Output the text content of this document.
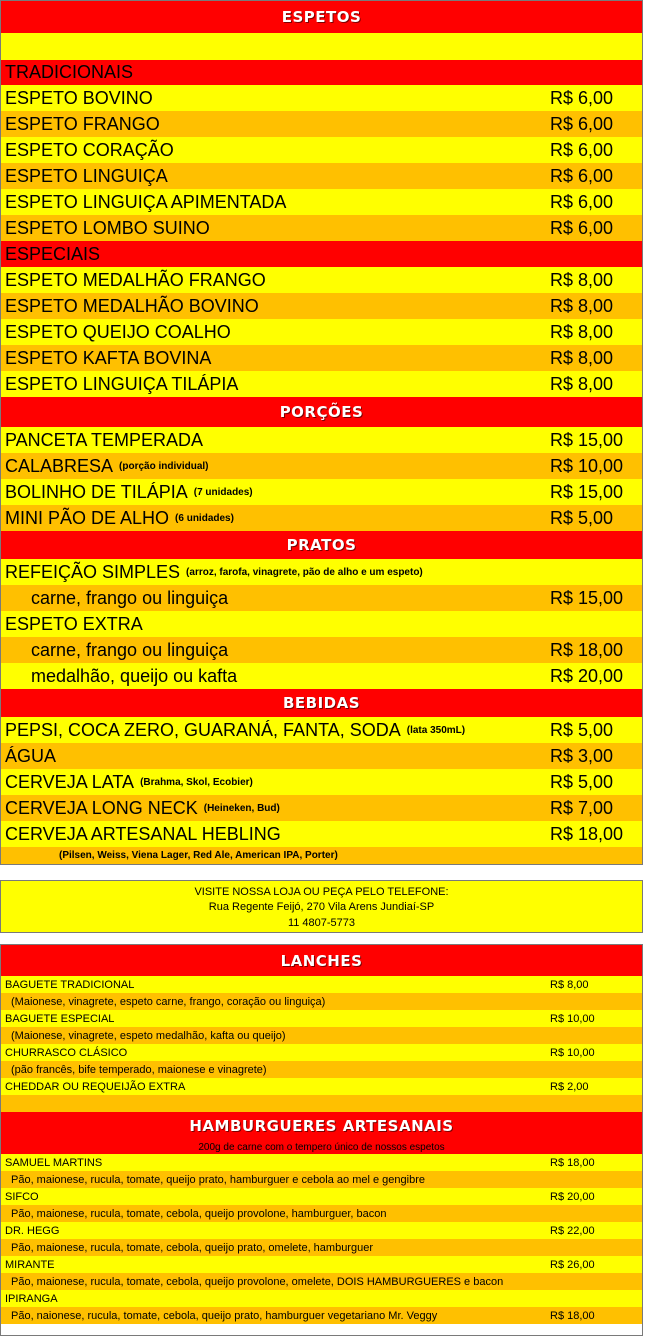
ESPETOS
TRADICIONAIS
ESPETO BOVINO	R$ 6,00
ESPETO FRANGO	R$ 6,00
ESPETO CORAÇÃO	R$ 6,00
ESPETO LINGUIÇA	R$ 6,00
ESPETO LINGUIÇA APIMENTADA	R$ 6,00
ESPETO LOMBO SUINO	R$ 6,00
ESPECIAIS
ESPETO MEDALHÃO FRANGO	R$ 8,00
ESPETO MEDALHÃO BOVINO	R$ 8,00
ESPETO QUEIJO COALHO	R$ 8,00
ESPETO KAFTA BOVINA	R$ 8,00
ESPETO LINGUIÇA TILÁPIA	R$ 8,00
PORÇÕES
PANCETA TEMPERADA	R$ 15,00
CALABRESA (porção individual)	R$ 10,00
BOLINHO DE TILÁPIA (7 unidades)	R$ 15,00
MINI PÃO DE ALHO (6 unidades)	R$ 5,00
PRATOS
REFEIÇÃO SIMPLES (arroz, farofa, vinagrete, pão de alho e um espeto)
carne, frango ou linguiça	R$ 15,00
ESPETO EXTRA
carne, frango ou linguiça	R$ 18,00
medalhão, queijo ou kafta	R$ 20,00
BEBIDAS
PEPSI, COCA ZERO, GUARANÁ, FANTA, SODA (lata 350mL)	R$ 5,00
ÁGUA	R$ 3,00
CERVEJA LATA (Brahma, Skol, Ecobier)	R$ 5,00
CERVEJA LONG NECK (Heineken, Bud)	R$ 7,00
CERVEJA ARTESANAL HEBLING	R$ 18,00
(Pilsen, Weiss, Viena Lager, Red Ale, American IPA, Porter)
VISITE NOSSA LOJA OU PEÇA PELO TELEFONE:
Rua Regente Feijó, 270 Vila Arens Jundiaí-SP
11 4807-5773
LANCHES
BAGUETE TRADICIONAL	R$ 8,00
(Maionese, vinagrete, espeto carne, frango, coração ou linguiça)
BAGUETE ESPECIAL	R$ 10,00
(Maionese, vinagrete, espeto medalhão, kafta ou queijo)
CHURRASCO CLÁSICO	R$ 10,00
(pão francês, bife temperado, maionese e vinagrete)
CHEDDAR OU REQUEIJÃO EXTRA	R$ 2,00
HAMBURGUERES ARTESANAIS
200g de carne com o tempero único de nossos espetos
SAMUEL MARTINS	R$ 18,00
Pão, maionese, rucula, tomate, queijo prato, hamburguer e cebola ao mel e gengibre
SIFCO	R$ 20,00
Pão, maionese, rucula, tomate, cebola, queijo provolone, hamburguer, bacon
DR. HEGG	R$ 22,00
Pão, maionese, rucula, tomate, cebola, queijo prato, omelete, hamburguer
MIRANTE	R$ 26,00
Pão, maionese, rucula, tomate, cebola, queijo provolone, omelete, DOIS HAMBURGUERES e bacon
IPIRANGA
Pão, naionese, rucula, tomate, cebola, queijo prato, hamburguer vegetariano Mr. Veggy	R$ 18,00
